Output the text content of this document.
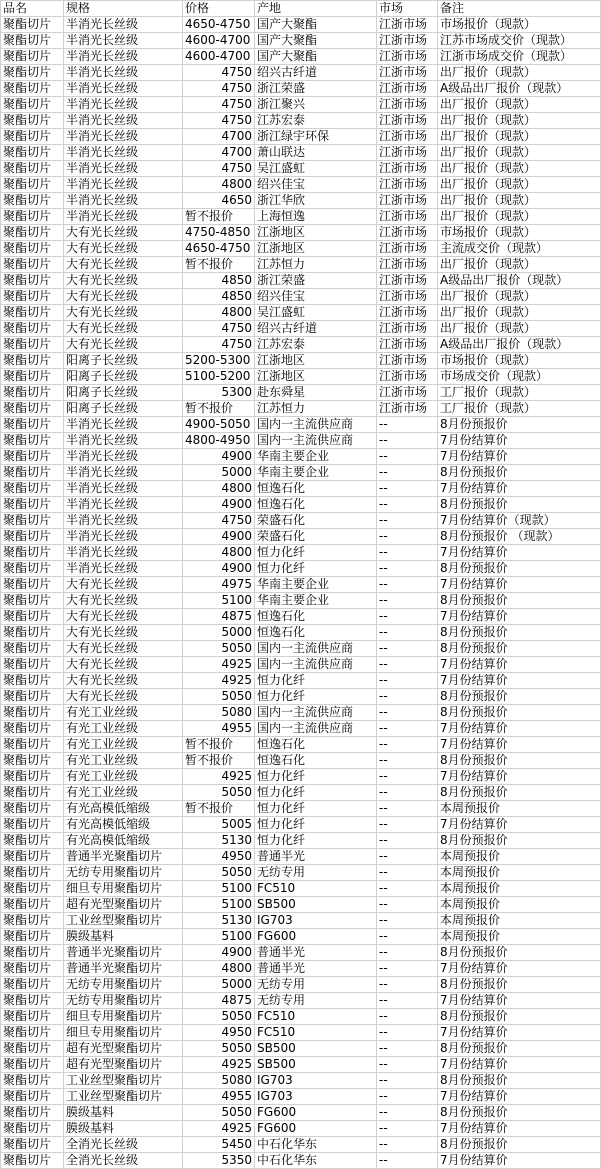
品名	规格	价格	产地	市场	备注
聚酯切片	半消光长丝级	4650-4750	国产大聚酯	江浙市场	市场报价（现款）
聚酯切片	半消光长丝级	4600-4700	国产大聚酯	江浙市场	江苏市场成交价（现款）
聚酯切片	半消光长丝级	4600-4700	国产大聚酯	江浙市场	江浙市场成交价（现款）
聚酯切片	半消光长丝级	4750	绍兴古纤道	江浙市场	出厂报价（现款）
聚酯切片	半消光长丝级	4750	浙江荣盛	江浙市场	A级品出厂报价（现款）
聚酯切片	半消光长丝级	4750	浙江聚兴	江浙市场	出厂报价（现款）
聚酯切片	半消光长丝级	4750	江苏宏泰	江浙市场	出厂报价（现款）
聚酯切片	半消光长丝级	4700	浙江绿宇环保	江浙市场	出厂报价（现款）
聚酯切片	半消光长丝级	4700	萧山联达	江浙市场	出厂报价（现款）
聚酯切片	半消光长丝级	4750	吴江盛虹	江浙市场	出厂报价（现款）
聚酯切片	半消光长丝级	4800	绍兴佳宝	江浙市场	出厂报价（现款）
聚酯切片	半消光长丝级	4650	浙江华欣	江浙市场	出厂报价（现款）
聚酯切片	半消光长丝级	暂不报价	上海恒逸	江浙市场	出厂报价（现款）
聚酯切片	大有光长丝级	4750-4850	江浙地区	江浙市场	市场报价（现款）
聚酯切片	大有光长丝级	4650-4750	江浙地区	江浙市场	主流成交价（现款）
聚酯切片	大有光长丝级	暂不报价	江苏恒力	江浙市场	出厂报价（现款）
聚酯切片	大有光长丝级	4850	浙江荣盛	江浙市场	A级品出厂报价（现款）
聚酯切片	大有光长丝级	4850	绍兴佳宝	江浙市场	出厂报价（现款）
聚酯切片	大有光长丝级	4800	吴江盛虹	江浙市场	出厂报价（现款）
聚酯切片	大有光长丝级	4750	绍兴古纤道	江浙市场	出厂报价（现款）
聚酯切片	大有光长丝级	4750	江苏宏泰	江浙市场	A级品出厂报价（现款）
聚酯切片	阳离子长丝级	5200-5300	江浙地区	江浙市场	市场报价（现款）
聚酯切片	阳离子长丝级	5100-5200	江浙地区	江浙市场	市场成交价（现款）
聚酯切片	阳离子长丝级	5300	赴东舜星	江浙市场	工厂报价（现款）
聚酯切片	阳离子长丝级	暂不报价	江苏恒力	江浙市场	工厂报价（现款）
聚酯切片	半消光长丝级	4900-5050	国内一主流供应商	--	8月份预报价
聚酯切片	半消光长丝级	4800-4950	国内一主流供应商	--	7月份结算价
聚酯切片	半消光长丝级	4900	华南主要企业	--	7月份结算价
聚酯切片	半消光长丝级	5000	华南主要企业	--	8月份预报价
聚酯切片	半消光长丝级	4800	恒逸石化	--	7月份结算价
聚酯切片	半消光长丝级	4900	恒逸石化	--	8月份预报价
聚酯切片	半消光长丝级	4750	荣盛石化	--	7月份结算价（现款）
聚酯切片	半消光长丝级	4900	荣盛石化	--	8月份预报价 （现款）
聚酯切片	半消光长丝级	4800	恒力化纤	--	7月份结算价
聚酯切片	半消光长丝级	4900	恒力化纤	--	8月份预报价
聚酯切片	大有光长丝级	4975	华南主要企业	--	7月份结算价
聚酯切片	大有光长丝级	5100	华南主要企业	--	8月份预报价
聚酯切片	大有光长丝级	4875	恒逸石化	--	7月份结算价
聚酯切片	大有光长丝级	5000	恒逸石化	--	8月份预报价
聚酯切片	大有光长丝级	5050	国内一主流供应商	--	8月份预报价
聚酯切片	大有光长丝级	4925	国内一主流供应商	--	7月份结算价
聚酯切片	大有光长丝级	4925	恒力化纤	--	7月份结算价
聚酯切片	大有光长丝级	5050	恒力化纤	--	8月份预报价
聚酯切片	有光工业丝级	5080	国内一主流供应商	--	8月份预报价
聚酯切片	有光工业丝级	4955	国内一主流供应商	--	7月份结算价
聚酯切片	有光工业丝级	暂不报价	恒逸石化	--	7月份结算价
聚酯切片	有光工业丝级	暂不报价	恒逸石化	--	8月份预报价
聚酯切片	有光工业丝级	4925	恒力化纤	--	7月份结算价
聚酯切片	有光工业丝级	5050	恒力化纤	--	8月份预报价
聚酯切片	有光高模低缩级	暂不报价	恒力化纤	--	本周预报价
聚酯切片	有光高模低缩级	5005	恒力化纤	--	7月份结算价
聚酯切片	有光高模低缩级	5130	恒力化纤	--	8月份预报价
聚酯切片	普通半光聚酯切片	4950	普通半光	--	本周预报价
聚酯切片	无纺专用聚酯切片	5050	无纺专用	--	本周预报价
聚酯切片	细旦专用聚酯切片	5100	FC510	--	本周预报价
聚酯切片	超有光型聚酯切片	5100	SB500	--	本周预报价
聚酯切片	工业丝型聚酯切片	5130	IG703	--	本周预报价
聚酯切片	膜级基料	5100	FG600	--	本周预报价
聚酯切片	普通半光聚酯切片	4900	普通半光	--	8月份预报价
聚酯切片	普通半光聚酯切片	4800	普通半光	--	7月份结算价
聚酯切片	无纺专用聚酯切片	5000	无纺专用	--	8月份预报价
聚酯切片	无纺专用聚酯切片	4875	无纺专用	--	7月份结算价
聚酯切片	细旦专用聚酯切片	5050	FC510	--	8月份预报价
聚酯切片	细旦专用聚酯切片	4950	FC510	--	7月份结算价
聚酯切片	超有光型聚酯切片	5050	SB500	--	8月份预报价
聚酯切片	超有光型聚酯切片	4925	SB500	--	7月份结算价
聚酯切片	工业丝型聚酯切片	5080	IG703	--	8月份预报价
聚酯切片	工业丝型聚酯切片	4955	IG703	--	7月份结算价
聚酯切片	膜级基料	5050	FG600	--	8月份预报价
聚酯切片	膜级基料	4925	FG600	--	7月份结算价
聚酯切片	全消光长丝级	5450	中石化华东	--	8月份预报价
聚酯切片	全消光长丝级	5350	中石化华东	--	7月份结算价
